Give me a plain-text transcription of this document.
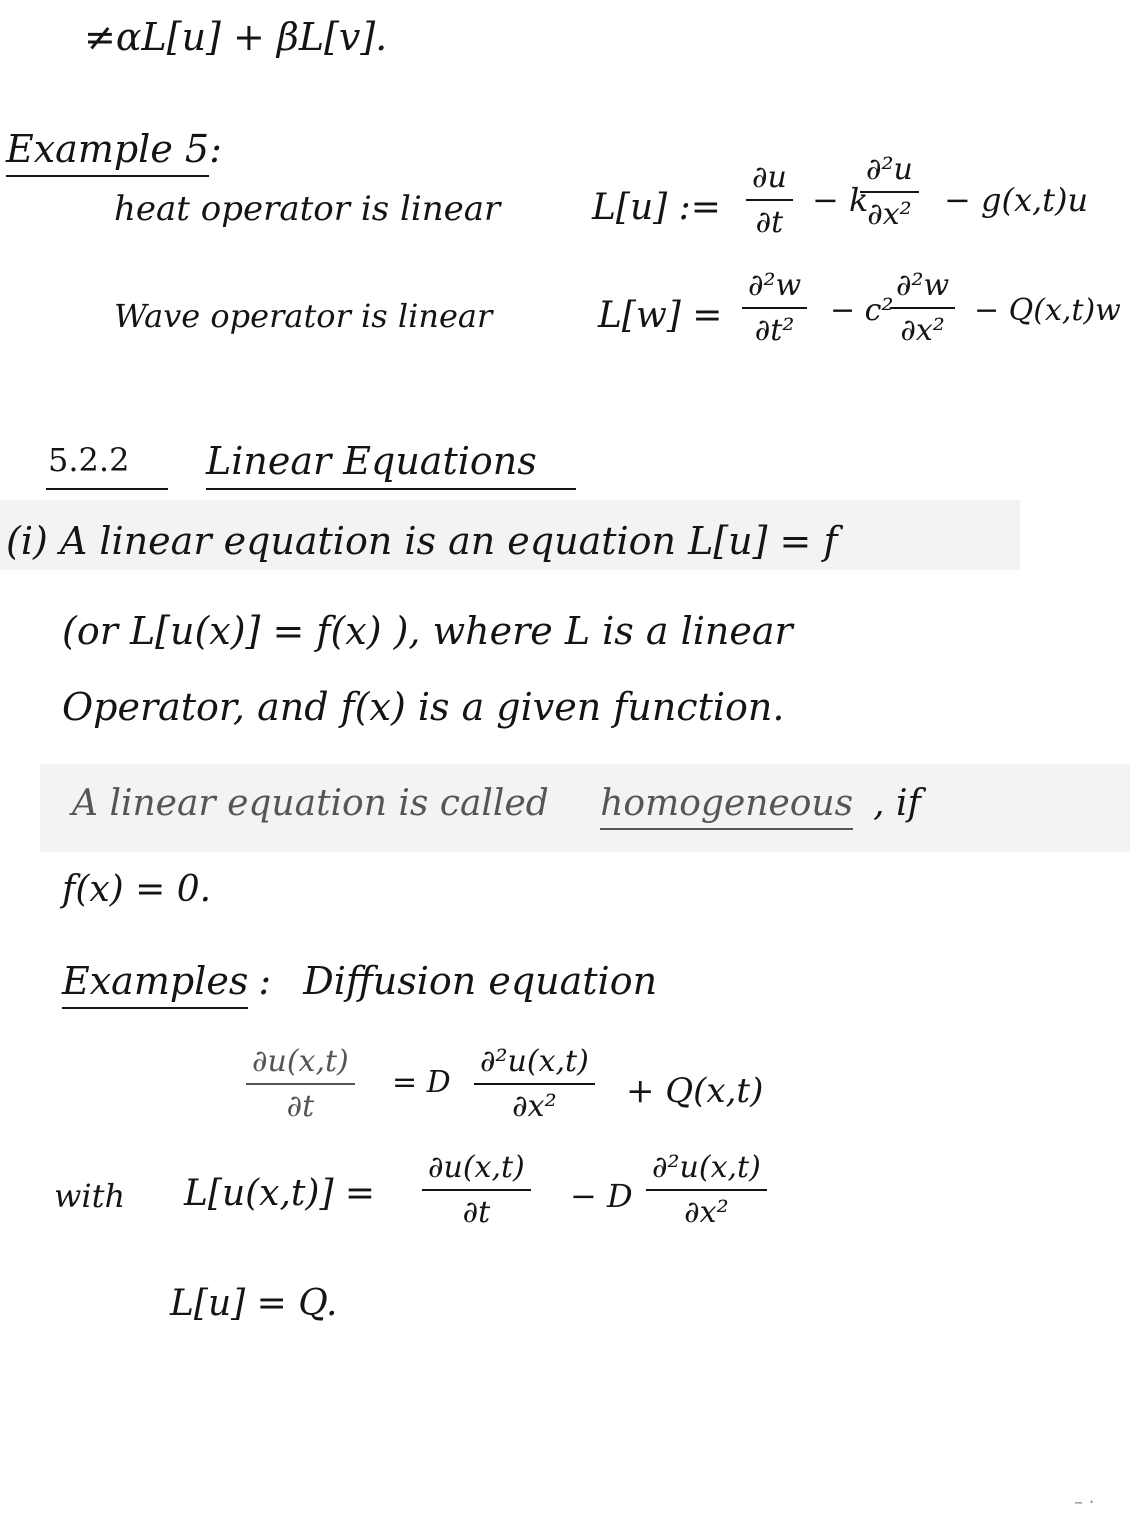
≠αL[u] + βL[v].
Example 5:
heat operator is linear	L[u] := $\frac{\partial u}{\partial t} - k$
$\frac{\text{∂²u}}{\text{∂x²}} - g(x,t)u$
Wave operator is linear	$L[w] = \frac{\text{∂²w}}{\text{∂t²}} - c^2$
$\frac{\text{∂²w}}{\text{∂x²}} - Q(x,t)w$
5.2.2 Linear Equations
(i) A linear equation is an equation L[u] = f
(or L[u(x)] = f(x) ), where L is a linear
Operator, and f(x) is a given function.
A linear equation is called homogeneous , if
f(x) = 0.
Examples : Diffusion equation
$\frac{\partial u(x,t)}{\partial t} = D \frac{\text{∂²u(x,t)}}{\text{∂x²}} + Q(x,t)$
with $L[u(x,t)] = \frac{\partial u(x,t)}{\partial t} - D \frac{\text{∂²u(x,t)}}{\text{∂x²}}$
L[u] = Q.
– ·
